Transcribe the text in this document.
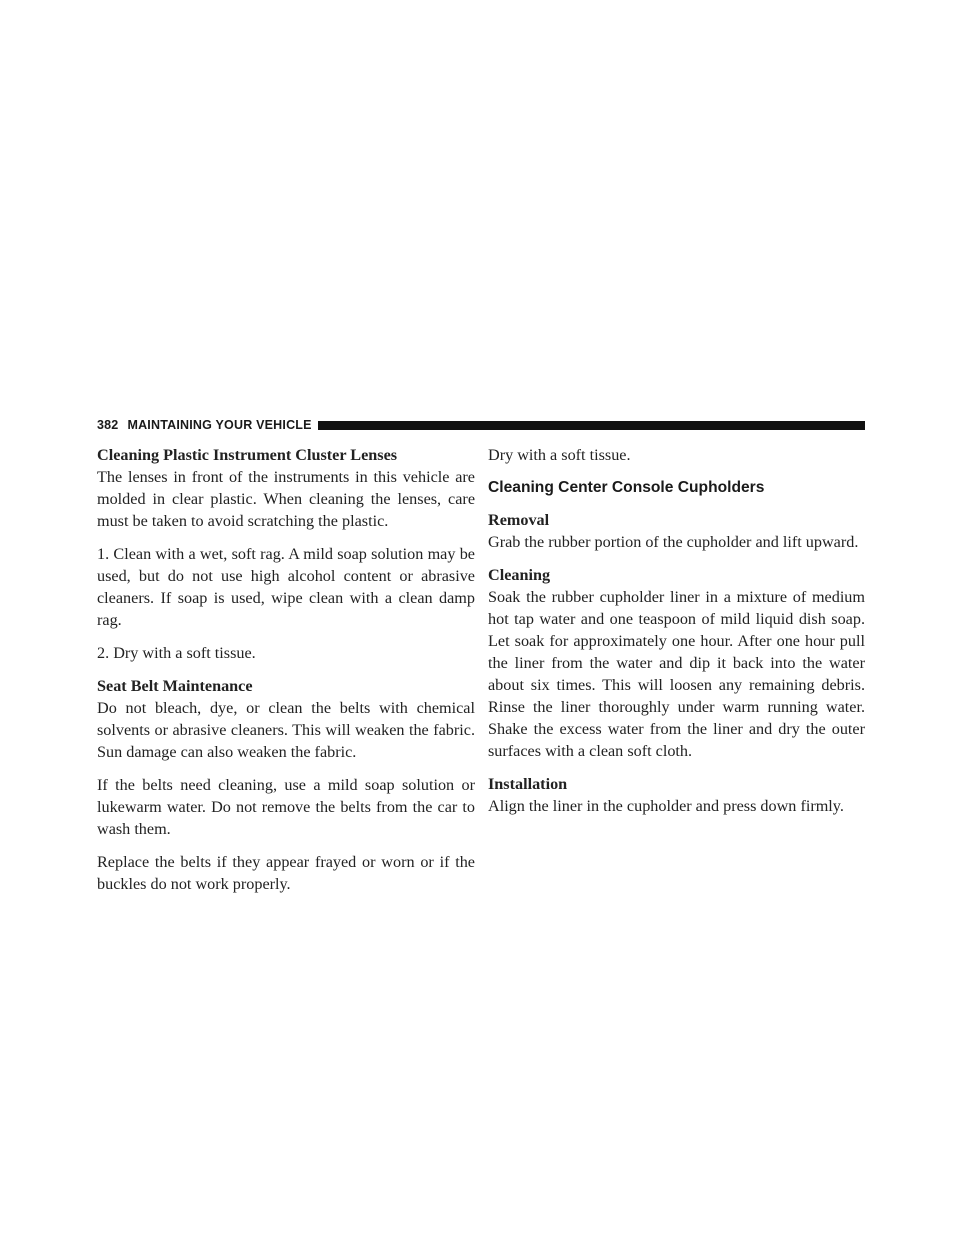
382 MAINTAINING YOUR VEHICLE
Cleaning Plastic Instrument Cluster Lenses

The lenses in front of the instruments in this vehicle are molded in clear plastic. When cleaning the lenses, care must be taken to avoid scratching the plastic.

1. Clean with a wet, soft rag. A mild soap solution may be used, but do not use high alcohol content or abrasive cleaners. If soap is used, wipe clean with a clean damp rag.

2. Dry with a soft tissue.

Seat Belt Maintenance

Do not bleach, dye, or clean the belts with chemical solvents or abrasive cleaners. This will weaken the fabric. Sun damage can also weaken the fabric.

If the belts need cleaning, use a mild soap solution or lukewarm water. Do not remove the belts from the car to wash them.

Replace the belts if they appear frayed or worn or if the buckles do not work properly.

Dry with a soft tissue.

Cleaning Center Console Cupholders
Removal

Grab the rubber portion of the cupholder and lift upward.

Cleaning

Soak the rubber cupholder liner in a mixture of medium hot tap water and one teaspoon of mild liquid dish soap. Let soak for approximately one hour. After one hour pull the liner from the water and dip it back into the water about six times. This will loosen any remaining debris. Rinse the liner thoroughly under warm running water. Shake the excess water from the liner and dry the outer surfaces with a clean soft cloth.

Installation

Align the liner in the cupholder and press down firmly.
